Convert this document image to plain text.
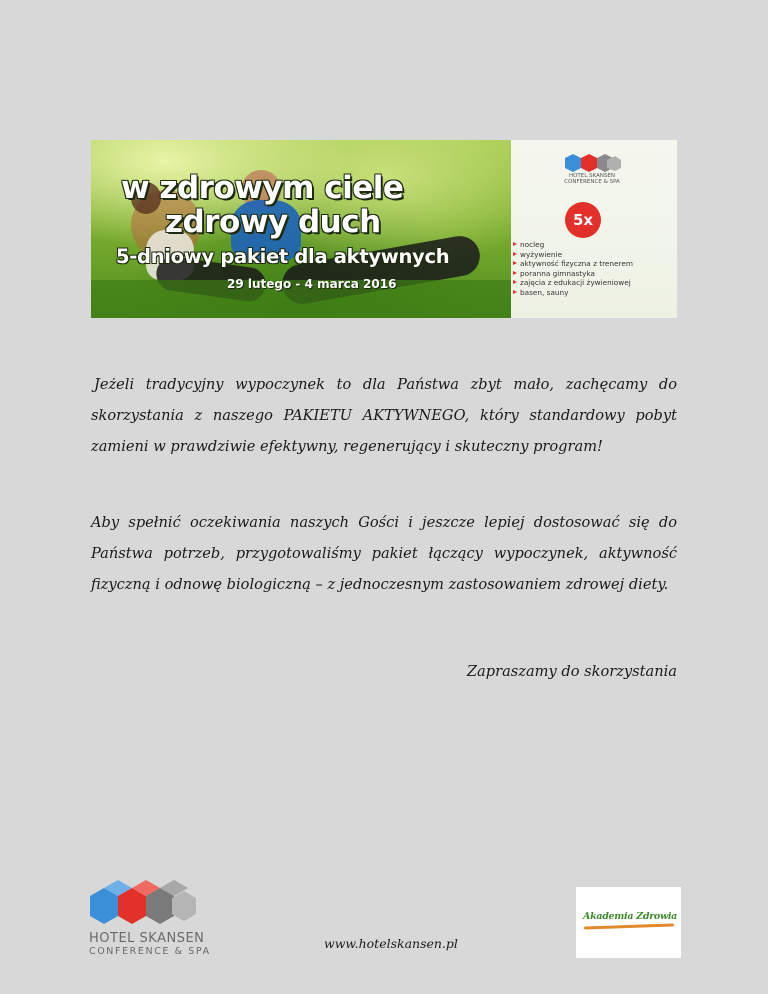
w zdrowym ciele
zdrowy duch
5-dniowy pakiet dla aktywnych
29 lutego - 4 marca 2016
HOTEL SKANSEN
CONFERENCE & SPA
5x
nocleg
wyżywienie
aktywność fizyczna z trenerem
poranna gimnastyka
zajęcia z edukacji żywieniowej
basen, sauny

Jeżeli tradycyjny wypoczynek to dla Państwa zbyt mało, zachęcamy do skorzystania z naszego PAKIETU AKTYWNEGO, który standardowy pobyt zamieni w prawdziwie efektywny, regenerujący i skuteczny program!

Aby spełnić oczekiwania naszych Gości i jeszcze lepiej dostosować się do Państwa potrzeb, przygotowaliśmy pakiet łączący wypoczynek, aktywność fizyczną i odnowę biologiczną – z jednoczesnym zastosowaniem zdrowej diety.

Zapraszamy do skorzystania

HOTEL SKANSEN
CONFERENCE & SPA
www.hotelskansen.pl
Akademia Zdrowia
